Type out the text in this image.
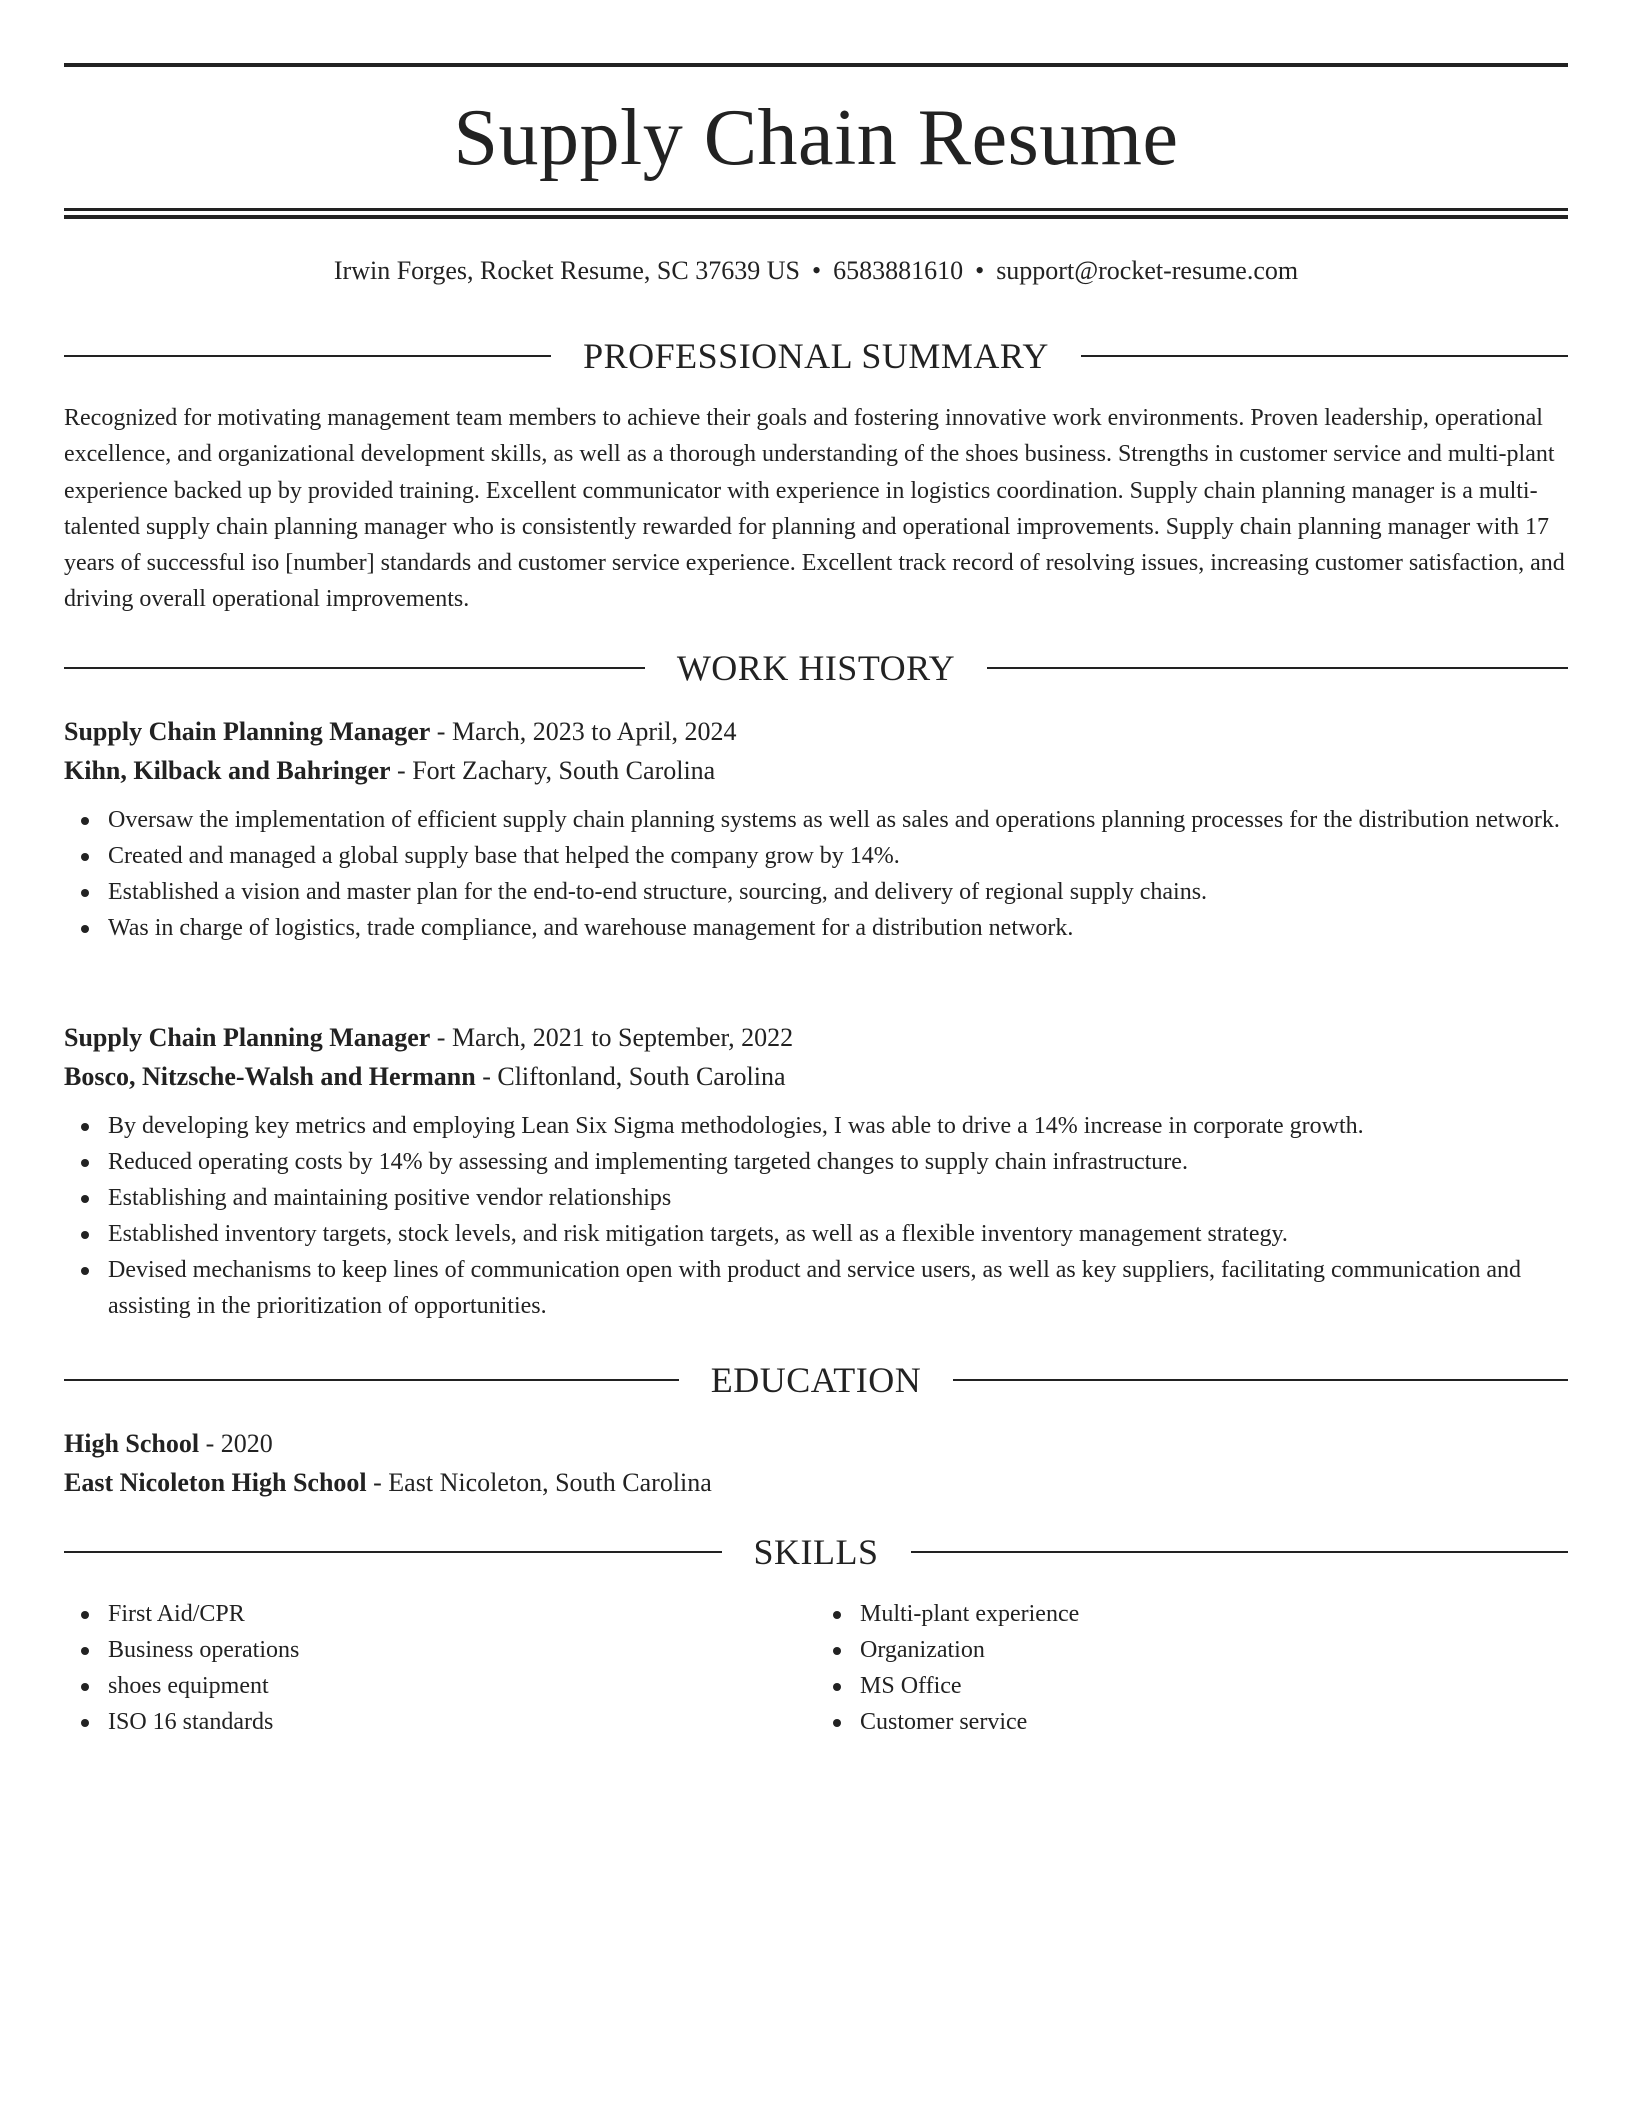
Supply Chain Resume
Irwin Forges, Rocket Resume, SC 37639 US • 6583881610 • support@rocket-resume.com
PROFESSIONAL SUMMARY
Recognized for motivating management team members to achieve their goals and fostering innovative work environments. Proven leadership, operational excellence, and organizational development skills, as well as a thorough understanding of the shoes business. Strengths in customer service and multi-plant experience backed up by provided training. Excellent communicator with experience in logistics coordination. Supply chain planning manager is a multi-talented supply chain planning manager who is consistently rewarded for planning and operational improvements. Supply chain planning manager with 17 years of successful iso [number] standards and customer service experience. Excellent track record of resolving issues, increasing customer satisfaction, and driving overall operational improvements.
WORK HISTORY
Supply Chain Planning Manager - March, 2023 to April, 2024
Kihn, Kilback and Bahringer - Fort Zachary, South Carolina
Oversaw the implementation of efficient supply chain planning systems as well as sales and operations planning processes for the distribution network.
Created and managed a global supply base that helped the company grow by 14%.
Established a vision and master plan for the end-to-end structure, sourcing, and delivery of regional supply chains.
Was in charge of logistics, trade compliance, and warehouse management for a distribution network.
Supply Chain Planning Manager - March, 2021 to September, 2022
Bosco, Nitzsche-Walsh and Hermann - Cliftonland, South Carolina
By developing key metrics and employing Lean Six Sigma methodologies, I was able to drive a 14% increase in corporate growth.
Reduced operating costs by 14% by assessing and implementing targeted changes to supply chain infrastructure.
Establishing and maintaining positive vendor relationships
Established inventory targets, stock levels, and risk mitigation targets, as well as a flexible inventory management strategy.
Devised mechanisms to keep lines of communication open with product and service users, as well as key suppliers, facilitating communication and assisting in the prioritization of opportunities.
EDUCATION
High School - 2020
East Nicoleton High School - East Nicoleton, South Carolina
SKILLS
First Aid/CPR
Business operations
shoes equipment
ISO 16 standards
Multi-plant experience
Organization
MS Office
Customer service
